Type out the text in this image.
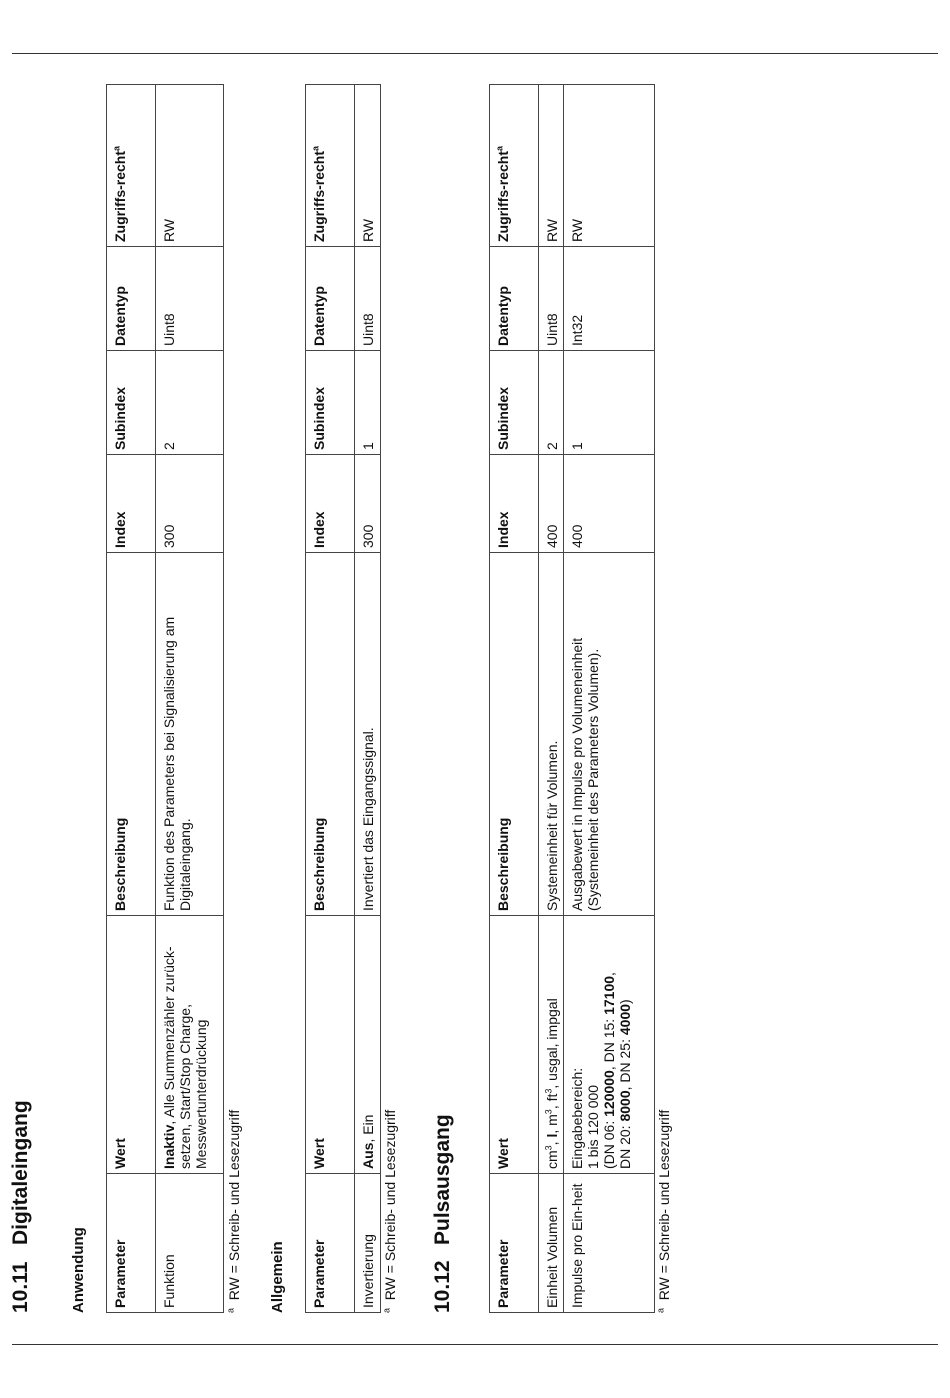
10.11Digitaleingang
Anwendung Parameter	Wert	Beschreibung	Index	Subindex	Datentyp	Zugriffs-recht$^a$
Funktion	Inaktiv, Alle Summenzähler zurück-setzen, Start/Stop Charge, Messwertunterdrückung	Funktion des Parameters bei Signalisierung am Digitaleingang.	300	2	Uint8	RW
$^a$  RW = Schreib- und Lesezugriff Allgemein Parameter	Wert	Beschreibung	Index	Subindex	Datentyp	Zugriffs-recht$^a$
Invertierung	Aus, Ein	Invertiert das Eingangssignal.	300	1	Uint8	RW
$^a$  RW = Schreib- und Lesezugriff 10.12Pulsausgang
Parameter	Wert	Beschreibung	Index	Subindex	Datentyp	Zugriffs-recht$^a$
Einheit Volumen	$cm^3$, l, $m^3$, $ft^3$, usgal, impgal	Systemeinheit für Volumen.	400	2	Uint8	RW
Impulse pro Ein-heit	Eingabebereich: 1 bis 120 000 (DN 06: 120000, DN 15: 17100,
DN 20: 8000, DN 25: 4000)	Ausgabewert in Impulse pro Volumeneinheit (Systemeinheit des Parameters Volumen).	400	1	Int32	RW
$^a$  RW = Schreib- und Lesezugriff
